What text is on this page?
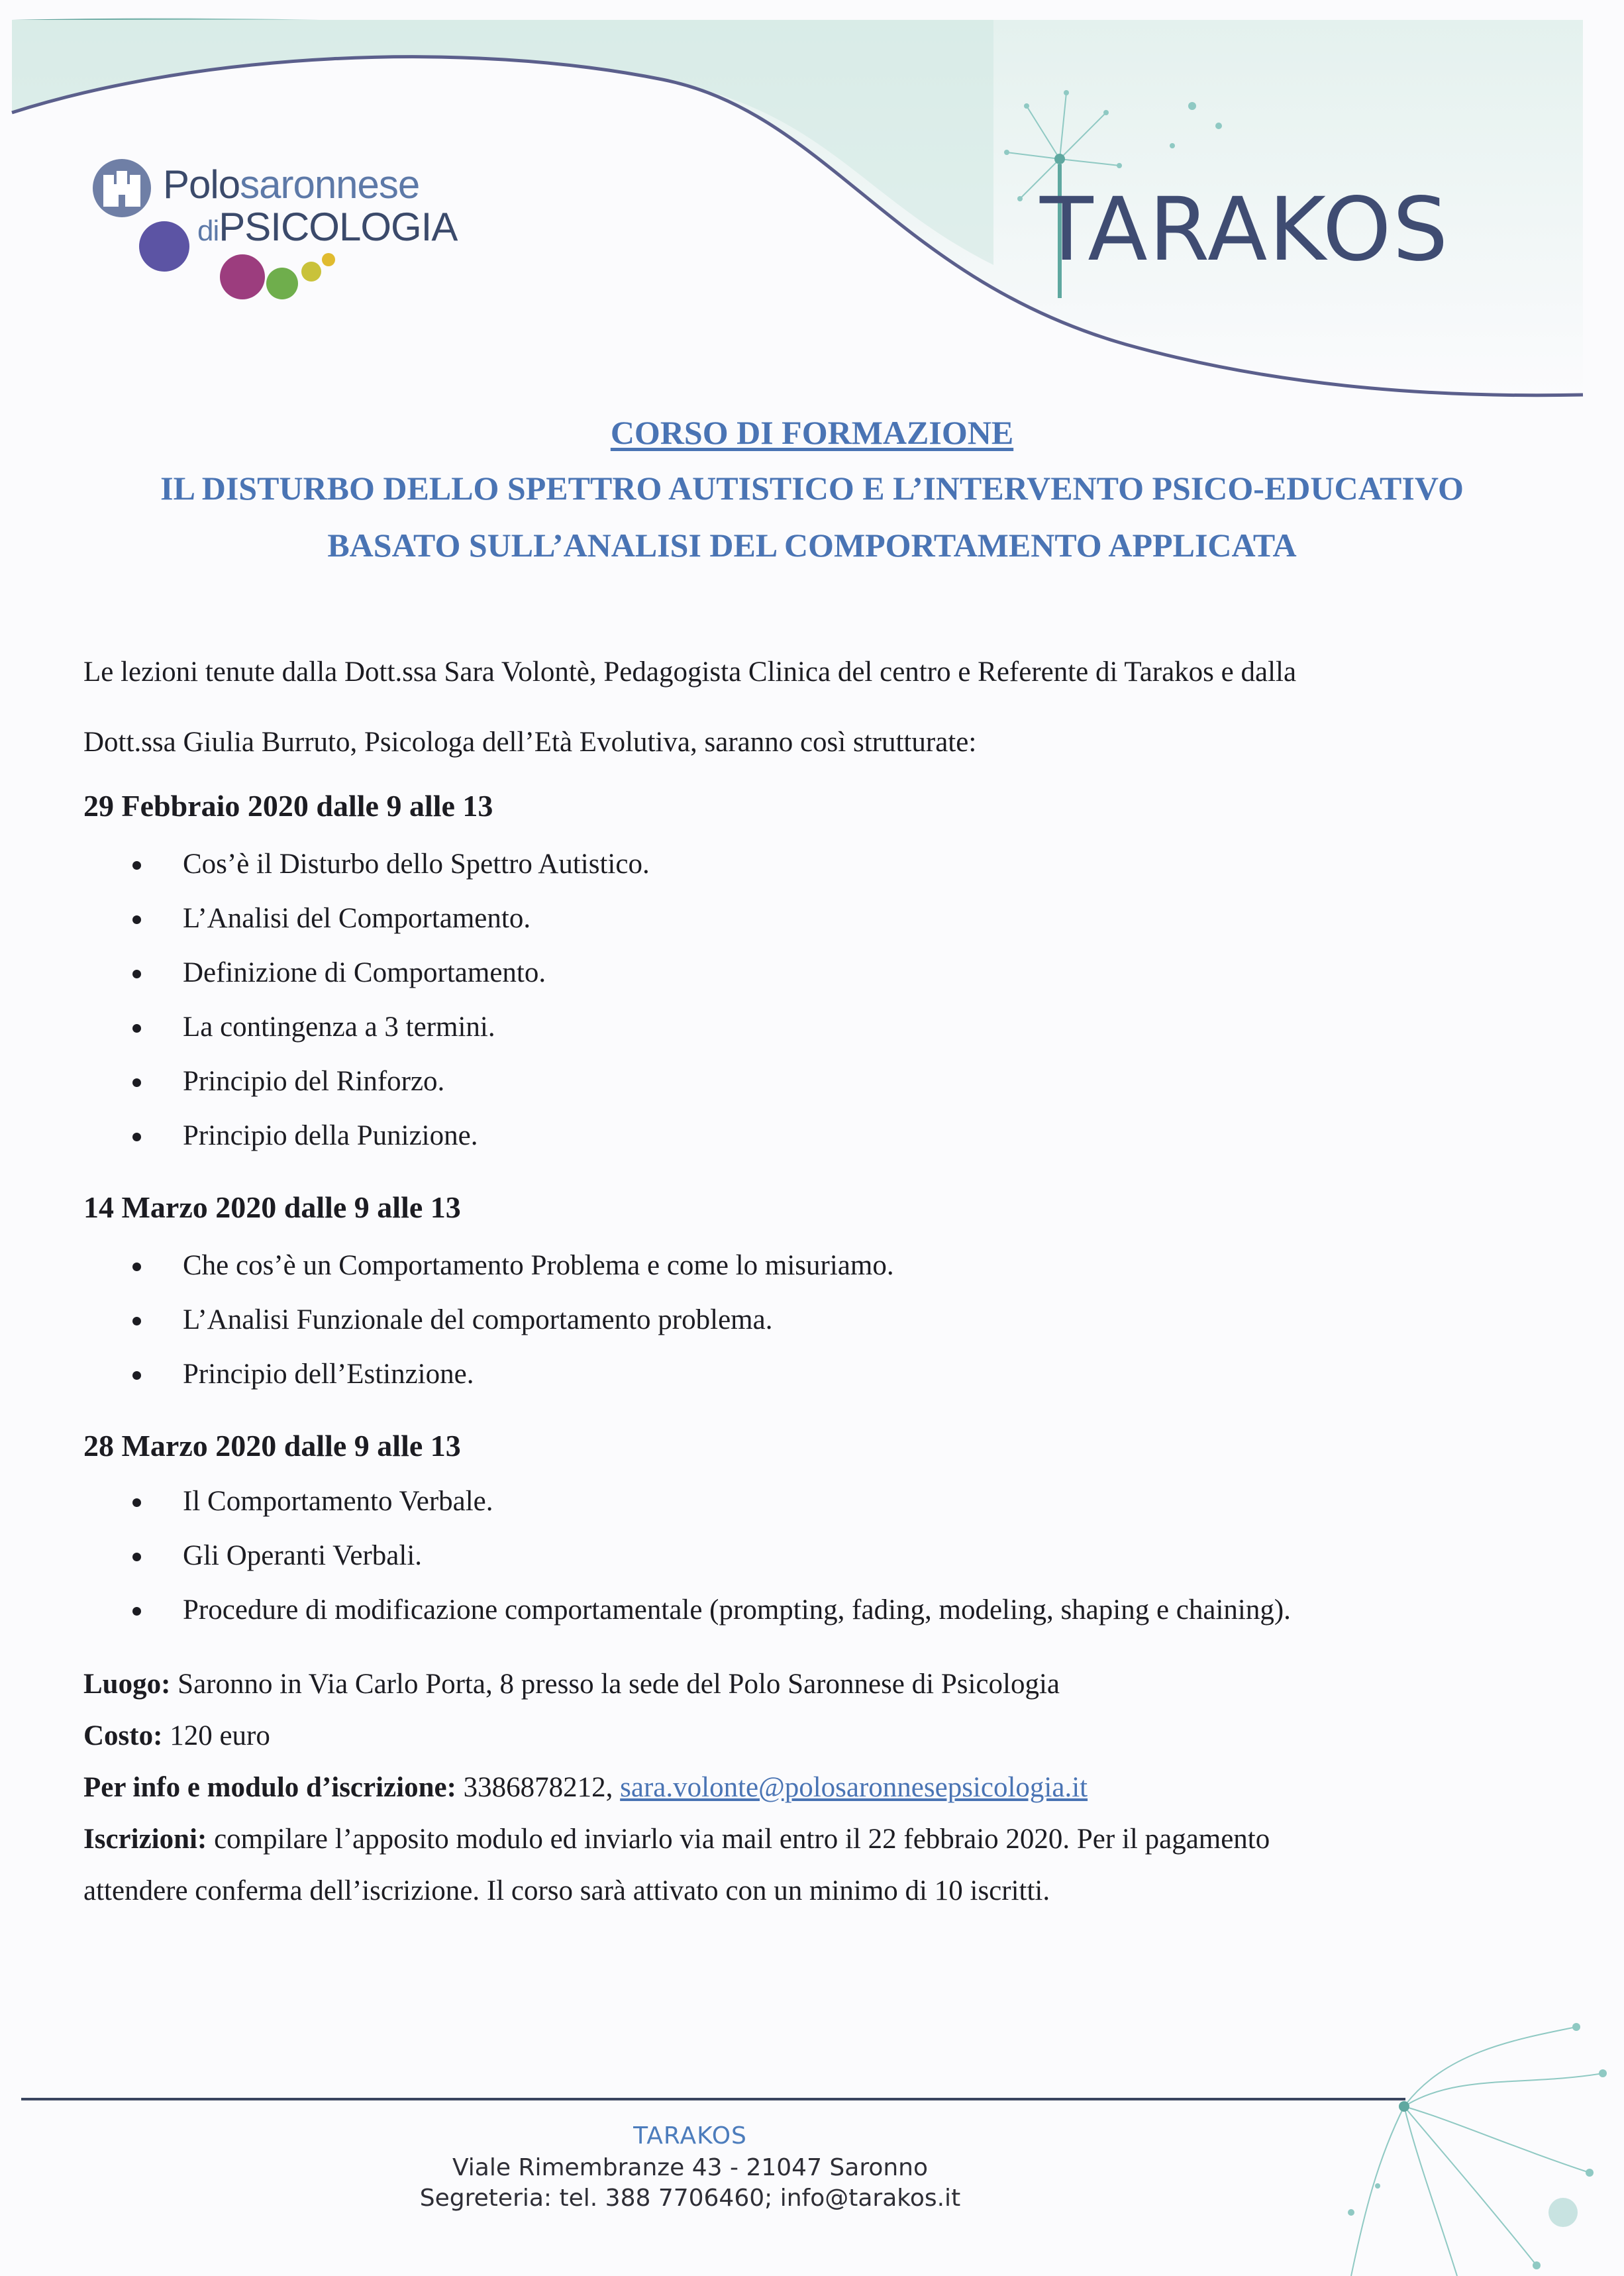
Polosaronnese
diPSICOLOGIA	TARAKOS
CORSO DI FORMAZIONE
IL DISTURBO DELLO SPETTRO AUTISTICO E L’INTERVENTO PSICO-EDUCATIVO
BASATO SULL’ANALISI DEL COMPORTAMENTO APPLICATA
Le lezioni tenute dalla Dott.ssa Sara Volontè, Pedagogista Clinica del centro e Referente di Tarakos e dalla
Dott.ssa Giulia Burruto, Psicologa dell’Età Evolutiva, saranno così strutturate:
29 Febbraio 2020 dalle 9 alle 13
Cos’è il Disturbo dello Spettro Autistico.
L’Analisi del Comportamento.
Definizione di Comportamento.
La contingenza a 3 termini.
Principio del Rinforzo.
Principio della Punizione.
14 Marzo 2020 dalle 9 alle 13
Che cos’è un Comportamento Problema e come lo misuriamo.
L’Analisi Funzionale del comportamento problema.
Principio dell’Estinzione.
28 Marzo 2020 dalle 9 alle 13
Il Comportamento Verbale.
Gli Operanti Verbali.
Procedure di modificazione comportamentale (prompting, fading, modeling, shaping e chaining).
Luogo: Saronno in Via Carlo Porta, 8 presso la sede del Polo Saronnese di Psicologia
Costo: 120 euro
Per info e modulo d’iscrizione: 3386878212, sara.volonte@polosaronnesepsicologia.it
Iscrizioni: compilare l’apposito modulo ed inviarlo via mail entro il 22 febbraio 2020. Per il pagamento
attendere conferma dell’iscrizione. Il corso sarà attivato con un minimo di 10 iscritti.
TARAKOS
Viale Rimembranze 43 - 21047 Saronno
Segreteria: tel. 388 7706460; info@tarakos.it
